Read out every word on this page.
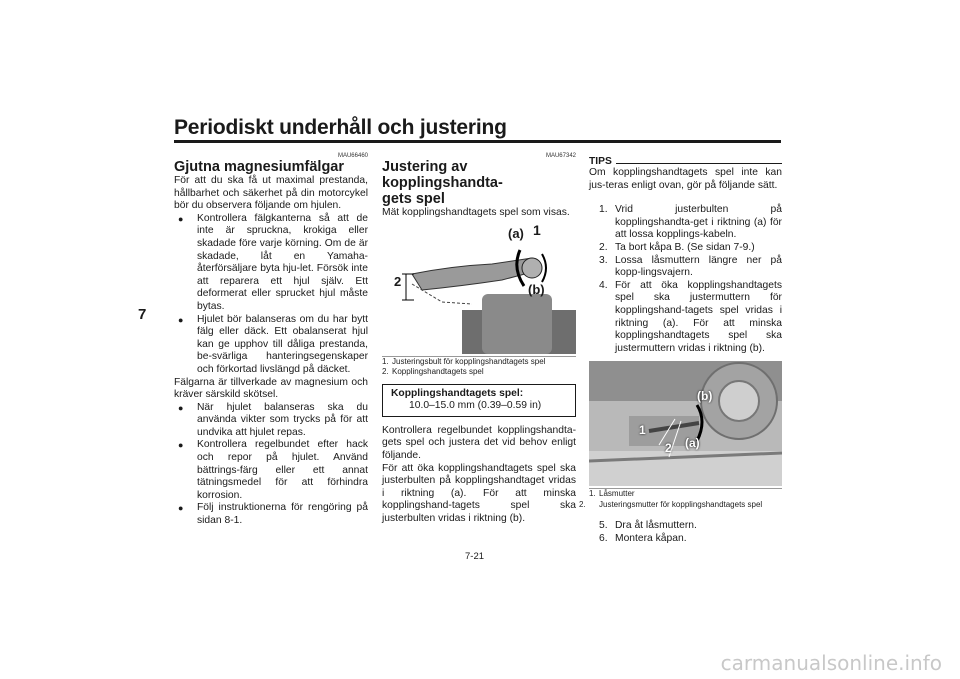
Periodiskt underhåll och justering
7
MAU66460
Gjutna magnesiumfälgar
För att du ska få ut maximal prestanda, hållbarhet och säkerhet på din motorcykel bör du observera följande om hjulen.
● Kontrollera fälgkanterna så att de inte är spruckna, krokiga eller skadade före varje körning. Om de är skadade, låt en Yamaha-återförsäljare byta hju-let. Försök inte att reparera ett hjul själv. Ett deformerat eller sprucket hjul måste bytas.
● Hjulet bör balanseras om du har bytt fälg eller däck. Ett obalanserat hjul kan ge upphov till dåliga prestanda, be-svärliga hanteringsegenskaper och förkortad livslängd på däcket.
Fälgarna är tillverkade av magnesium och kräver särskild skötsel.
● När hjulet balanseras ska du använda vikter som trycks på för att undvika att hjulet repas.
● Kontrollera regelbundet efter hack och repor på hjulet. Använd bättrings-färg eller ett annat tätningsmedel för att förhindra korrosion.
● Följ instruktionerna för rengöring på sidan 8-1.
MAU67342
Justering av kopplingshandta-
gets spel
Mät kopplingshandtagets spel som visas.
(a) 1
(b)
2
1. Justeringsbult för kopplingshandtagets spel
2. Kopplingshandtagets spel
Kopplingshandtagets spel:
10.0–15.0 mm (0.39–0.59 in)
Kontrollera regelbundet kopplingshandta-gets spel och justera det vid behov enligt följande.
För att öka kopplingshandtagets spel ska justerbulten på kopplingshandtaget vridas i riktning (a). För att minska kopplingshand-tagets spel ska justerbulten vridas i riktning (b).
TIPS
Om kopplingshandtagets spel inte kan jus-teras enligt ovan, gör på följande sätt.
1. Vrid justerbulten på kopplingshandta-get i riktning (a) för att lossa kopplings-kabeln.
2. Ta bort kåpa B. (Se sidan 7-9.)
3. Lossa låsmuttern längre ner på kopp-lingsvajern.
4. För att öka kopplingshandtagets spel ska justermuttern för kopplingshand-tagets spel vridas i riktning (a). För att minska kopplingshandtagets spel ska justermuttern vridas i riktning (b).
(b)
(a)
1
2
1. Låsmutter
2. Justeringsmutter för kopplingshandtagets spel
5. Dra åt låsmuttern.
6. Montera kåpan.
7-21
carmanualsonline.info
